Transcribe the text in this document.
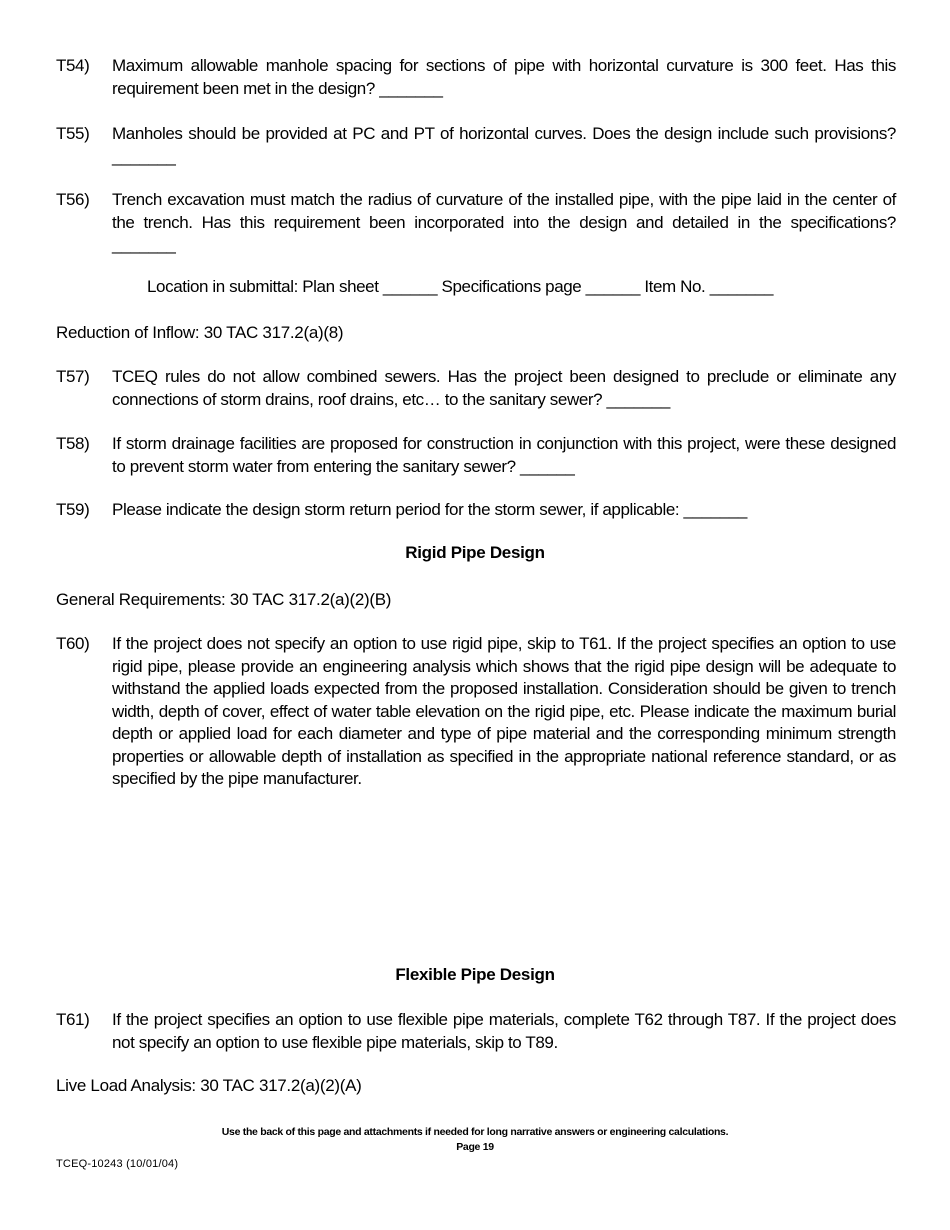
T54)	Maximum allowable manhole spacing for sections of pipe with horizontal curvature is 300 feet. Has this requirement been met in the design? _______
T55)	Manholes should be provided at PC and PT of horizontal curves. Does the design include such provisions? _______
T56)	Trench excavation must match the radius of curvature of the installed pipe, with the pipe laid in the center of the trench. Has this requirement been incorporated into the design and detailed in the specifications? _______
Location in submittal: Plan sheet ______ Specifications page ______ Item No. _______
Reduction of Inflow: 30 TAC 317.2(a)(8)
T57)	TCEQ rules do not allow combined sewers. Has the project been designed to preclude or eliminate any connections of storm drains, roof drains, etc… to the sanitary sewer? _______
T58)	If storm drainage facilities are proposed for construction in conjunction with this project, were these designed to prevent storm water from entering the sanitary sewer? ______
T59)	Please indicate the design storm return period for the storm sewer, if applicable: _______
Rigid Pipe Design
General Requirements: 30 TAC 317.2(a)(2)(B)
T60)	If the project does not specify an option to use rigid pipe, skip to T61. If the project specifies an option to use rigid pipe, please provide an engineering analysis which shows that the rigid pipe design will be adequate to withstand the applied loads expected from the proposed installation. Consideration should be given to trench width, depth of cover, effect of water table elevation on the rigid pipe, etc. Please indicate the maximum burial depth or applied load for each diameter and type of pipe material and the corresponding minimum strength properties or allowable depth of installation as specified in the appropriate national reference standard, or as specified by the pipe manufacturer.
Flexible Pipe Design
T61)	If the project specifies an option to use flexible pipe materials, complete T62 through T87. If the project does not specify an option to use flexible pipe materials, skip to T89.
Live Load Analysis: 30 TAC 317.2(a)(2)(A)
Use the back of this page and attachments if needed for long narrative answers or engineering calculations.
Page 19
TCEQ-10243 (10/01/04)
